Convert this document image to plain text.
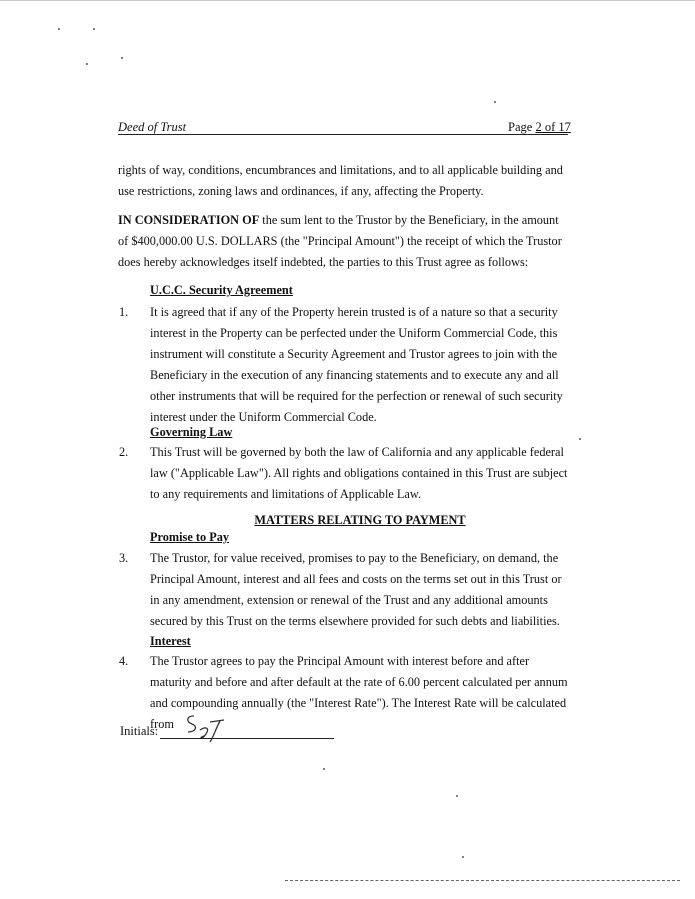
Deed of Trust	Page 2 of 17

rights of way, conditions, encumbrances and limitations, and to all applicable building and use restrictions, zoning laws and ordinances, if any, affecting the Property.

IN CONSIDERATION OF the sum lent to the Trustor by the Beneficiary, in the amount of $400,000.00 U.S. DOLLARS (the "Principal Amount") the receipt of which the Trustor does hereby acknowledges itself indebted, the parties to this Trust agree as follows:

U.C.C. Security Agreement

1. It is agreed that if any of the Property herein trusted is of a nature so that a security interest in the Property can be perfected under the Uniform Commercial Code, this instrument will constitute a Security Agreement and Trustor agrees to join with the Beneficiary in the execution of any financing statements and to execute any and all other instruments that will be required for the perfection or renewal of such security interest under the Uniform Commercial Code.

Governing Law

2. This Trust will be governed by both the law of California and any applicable federal law ("Applicable Law"). All rights and obligations contained in this Trust are subject to any requirements and limitations of Applicable Law.

MATTERS RELATING TO PAYMENT

Promise to Pay

3. The Trustor, for value received, promises to pay to the Beneficiary, on demand, the Principal Amount, interest and all fees and costs on the terms set out in this Trust or in any amendment, extension or renewal of the Trust and any additional amounts secured by this Trust on the terms elsewhere provided for such debts and liabilities.

Interest

4. The Trustor agrees to pay the Principal Amount with interest before and after maturity and before and after default at the rate of 6.00 percent calculated per annum and compounding annually (the "Interest Rate"). The Interest Rate will be calculated from

Initials:
